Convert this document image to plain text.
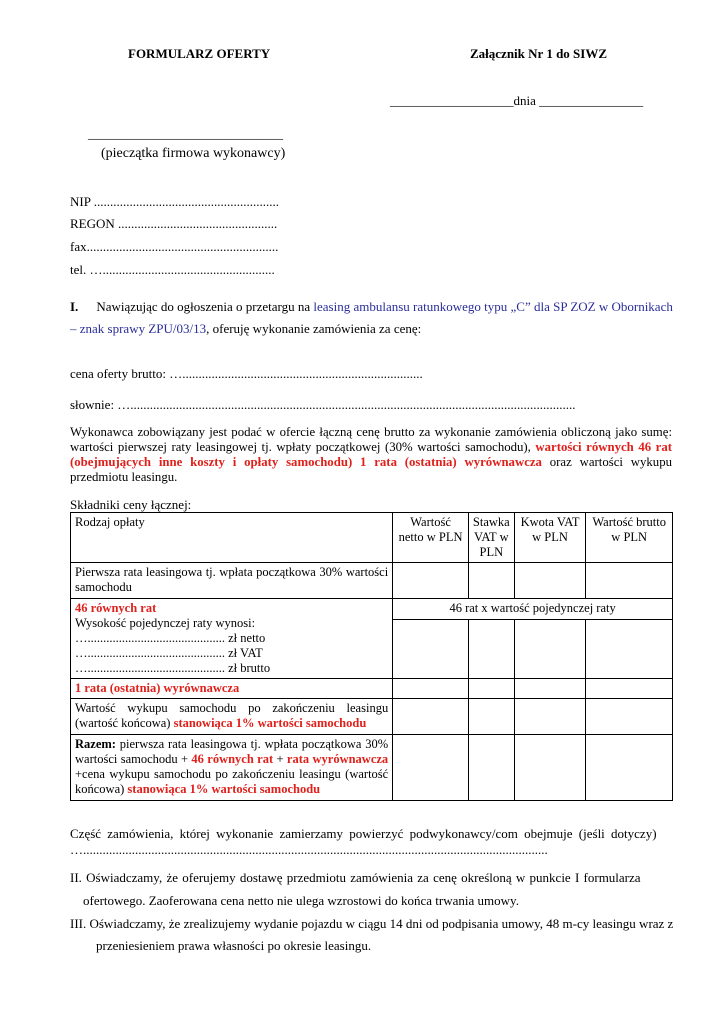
FORMULARZ OFERTY	Załącznik Nr 1 do SIWZ
___________________dnia ________________
______________________________
(pieczątka firmowa wykonawcy)
NIP .........................................................
REGON .................................................
fax...........................................................
tel. ….....................................................
I. Nawiązując do ogłoszenia o przetargu na leasing ambulansu ratunkowego typu „C” dla SP ZOZ w Obornikach
– znak sprawy ZPU/03/13, oferuję wykonanie zamówienia za cenę:
cena oferty brutto: …..........................................................................
słownie: ….........................................................................................................................................
Wykonawca zobowiązany jest podać w ofercie łączną cenę brutto za wykonanie zamówienia obliczoną jako sumę: wartości pierwszej raty leasingowej tj. wpłaty początkowej (30% wartości samochodu), wartości równych 46 rat (obejmujących inne koszty i opłaty samochodu) 1 rata (ostatnia) wyrównawcza oraz wartości wykupu przedmiotu leasingu.
Składniki ceny łącznej:
Rodzaj opłaty	Wartość netto w PLN	Stawka VAT w PLN	Kwota VAT w PLN	Wartość brutto w PLN
Pierwsza rata leasingowa tj. wpłata początkowa 30% wartości samochodu				

46 równych rat
Wysokość pojedynczej raty wynosi:
…............................................ zł netto
…............................................ zł VAT
…............................................ zł brutto	46 rat x wartość pojedynczej raty			

1 rata (ostatnia) wyrównawcza				
Wartość wykupu samochodu po zakończeniu leasingu (wartość końcowa) stanowiąca 1% wartości samochodu				
Razem: pierwsza rata leasingowa tj. wpłata początkowa 30% wartości samochodu + 46 równych rat + rata wyrównawcza +cena wykupu samochodu po zakończeniu leasingu (wartość końcowa) stanowiąca 1% wartości samochodu				
Część zamówienia, której wykonanie zamierzamy powierzyć podwykonawcy/com obejmuje (jeśli dotyczy)
…...............................................................................................................................................
II. Oświadczamy, że oferujemy dostawę przedmiotu zamówienia za cenę określoną w punkcie I formularza
ofertowego. Zaoferowana cena netto nie ulega wzrostowi do końca trwania umowy.
III. Oświadczamy, że zrealizujemy wydanie pojazdu w ciągu 14 dni od podpisania umowy, 48 m-cy leasingu wraz z
przeniesieniem prawa własności po okresie leasingu.
